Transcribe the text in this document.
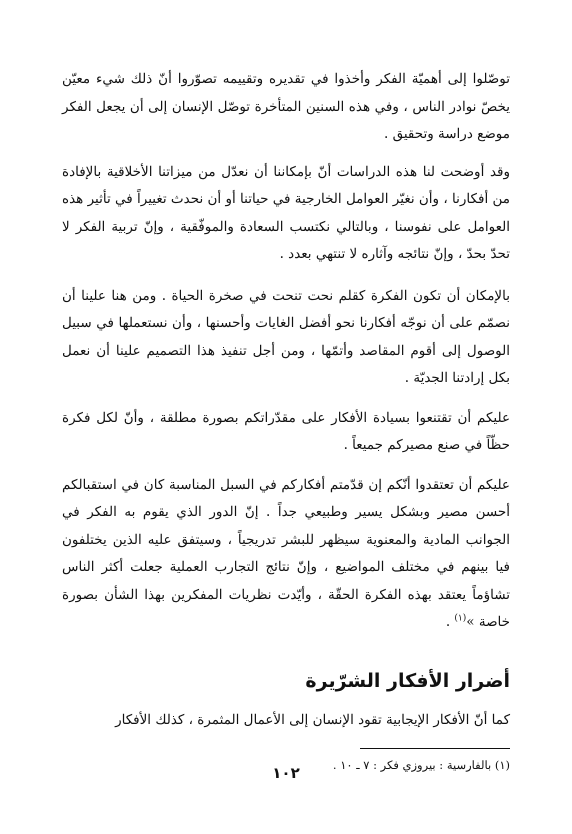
توصّلوا إلى أهميّة الفكر وأخذوا في تقديره وتقييمه تصوّروا أنّ ذلك شيء معيّن يخصّ نوادر الناس ، وفي هذه السنين المتأخرة توصّل الإنسان إلى أن يجعل الفكر موضع دراسة وتحقيق .

وقد أوضحت لنا هذه الدراسات أنّ بإمكاننا أن نعدّل من ميزاتنا الأخلاقية بالإفادة من أفكارنا ، وأن نغيّر العوامل الخارجية في حياتنا أو أن نحدث تغييراً في تأثير هذه العوامل على نفوسنا ، وبالتالي نكتسب السعادة والموفّقية ، وإنّ تربية الفكر لا تحدّ بحدّ ، وإنّ نتائجه وآثاره لا تنتهي بعدد .

بالإمكان أن تكون الفكرة كقلم نحت تنحت في صخرة الحياة . ومن هنا علينا أن نصمّم على أن نوجّه أفكارنا نحو أفضل الغايات وأحسنها ، وأن نستعملها في سبيل الوصول إلى أقوم المقاصد وأتمّها ، ومن أجل تنفيذ هذا التصميم علينا أن نعمل بكل إرادتنا الجديّة .

عليكم أن تقتنعوا بسيادة الأفكار على مقدّراتكم بصورة مطلقة ، وأنّ لكل فكرة حظّاً في صنع مصيركم جميعاً .

عليكم أن تعتقدوا أنّكم إن قدّمتم أفكاركم في السبل المناسبة كان في استقبالكم أحسن مصير وبشكل يسير وطبيعي جداً . إنّ الدور الذي يقوم به الفكر في الجوانب المادية والمعنوية سيظهر للبشر تدريجياً ، وسيتفق عليه الذين يختلفون فيا بينهم في مختلف المواضيع ، وإنّ نتائج التجارب العملية جعلت أكثر الناس تشاؤماً يعتقد بهذه الفكرة الحقّة ، وأيّدت نظريات المفكرين بهذا الشأن بصورة خاصة »$^{(١)}$ .

أضرار الأفكار الشرّيرة

كما أنّ الأفكار الإيجابية تقود الإنسان إلى الأعمال المثمرة ، كذلك الأفكار

(١) بالفارسية : بيروزي فكر : ٧ ـ ١٠ .

١٠٢
